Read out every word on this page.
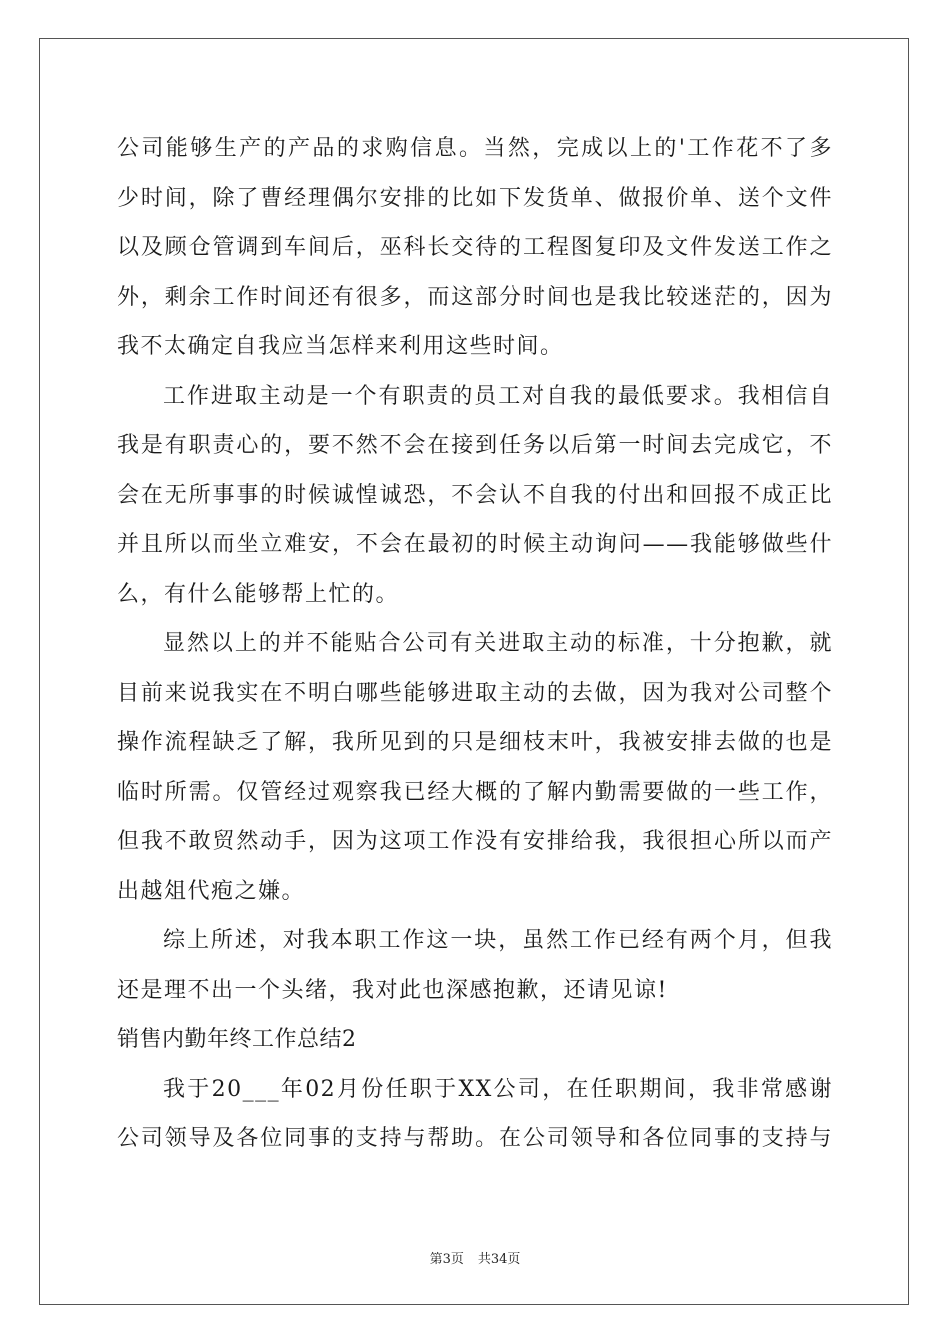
公司能够生产的产品的求购信息。当然，完成以上的'工作花不了多
少时间，除了曹经理偶尔安排的比如下发货单、做报价单、送个文件
以及顾仓管调到车间后，巫科长交待的工程图复印及文件发送工作之
外，剩余工作时间还有很多，而这部分时间也是我比较迷茫的，因为
我不太确定自我应当怎样来利用这些时间。
工作进取主动是一个有职责的员工对自我的最低要求。我相信自
我是有职责心的，要不然不会在接到任务以后第一时间去完成它，不
会在无所事事的时候诚惶诚恐，不会认不自我的付出和回报不成正比
并且所以而坐立难安，不会在最初的时候主动询问——我能够做些什
么，有什么能够帮上忙的。
显然以上的并不能贴合公司有关进取主动的标准，十分抱歉，就
目前来说我实在不明白哪些能够进取主动的去做，因为我对公司整个
操作流程缺乏了解，我所见到的只是细枝末叶，我被安排去做的也是
临时所需。仅管经过观察我已经大概的了解内勤需要做的一些工作，
但我不敢贸然动手，因为这项工作没有安排给我，我很担心所以而产
出越俎代疱之嫌。
综上所述，对我本职工作这一块，虽然工作已经有两个月，但我
还是理不出一个头绪，我对此也深感抱歉，还请见谅!
销售内勤年终工作总结2
我于20___年02月份任职于XX公司，在任职期间，我非常感谢
公司领导及各位同事的支持与帮助。在公司领导和各位同事的支持与
第3页 共34页
